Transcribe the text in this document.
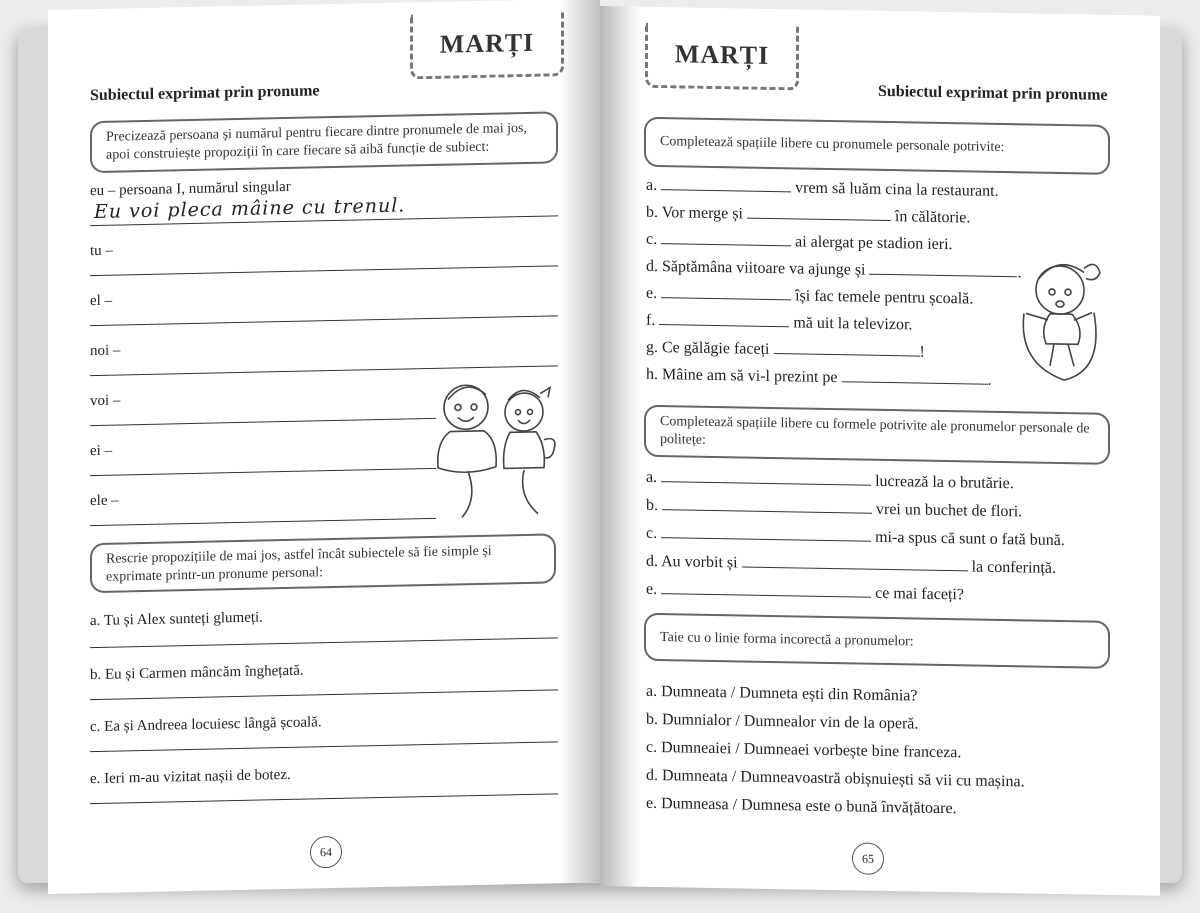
MARȚI
Subiectul exprimat prin pronume
Precizează persoana și numărul pentru fiecare dintre pronumele de mai jos, apoi construiește propoziții în care fiecare să aibă funcție de subiect:
eu – persoana I, numărul singular
Eu voi pleca mâine cu trenul.
tu –
el –
noi –
voi –
ei –
ele –
Rescrie propozițiile de mai jos, astfel încât subiectele să fie simple și exprimate printr-un pronume personal:
a. Tu și Alex sunteți glumeți.
b. Eu și Carmen mâncăm înghețată.
c. Ea și Andreea locuiesc lângă școală.
e. Ieri m-au vizitat nașii de botez.
64
MARȚI
Subiectul exprimat prin pronume
Completează spațiile libere cu pronumele personale potrivite:
a.	vrem să luăm cina la restaurant.
b. Vor merge și	în călătorie.
c.	ai alergat pe stadion ieri.
d. Săptămâna viitoare va ajunge și	.
e.	își fac temele pentru școală.
f.	mă uit la televizor.
g. Ce gălăgie faceți	!
h. Mâine am să vi-l prezint pe	.
Completează spațiile libere cu formele potrivite ale pronumelor personale de politețe:
a.	lucrează la o brutărie.
b.	vrei un buchet de flori.
c.	mi-a spus că sunt o fată bună.
d. Au vorbit și	la conferință.
e.	ce mai faceți?
Taie cu o linie forma incorectă a pronumelor:
a. Dumneata / Dumneta ești din România?
b. Dumnialor / Dumnealor vin de la operă.
c. Dumneaiei / Dumneaei vorbește bine franceza.
d. Dumneata / Dumneavoastră obișnuiești să vii cu mașina.
e. Dumneasa / Dumnesa este o bună învățătoare.
65
